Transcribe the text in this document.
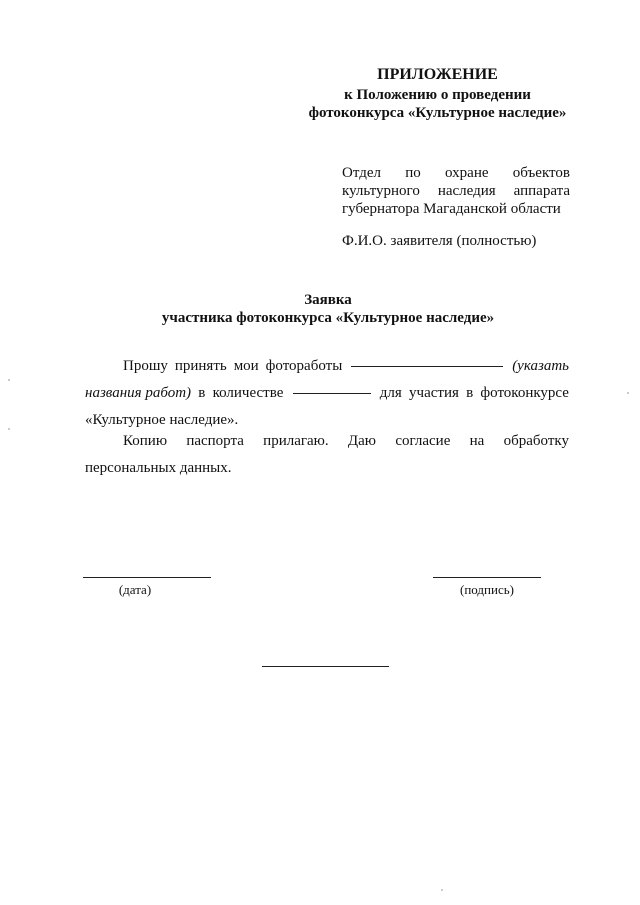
ПРИЛОЖЕНИЕ
к Положению о проведении
фотоконкурса «Культурное наследие»
Отдел по охране объектов культурного наследия аппарата губернатора Магаданской области
Ф.И.О. заявителя (полностью)
Заявка
участника фотоконкурса «Культурное наследие»
Прошу принять мои фотоработы	(указать
названия работ) в количестве	для участия в фотоконкурсе
«Культурное наследие».
Копию паспорта прилагаю. Даю согласие на обработку
персональных данных.
(дата)	(подпись)
